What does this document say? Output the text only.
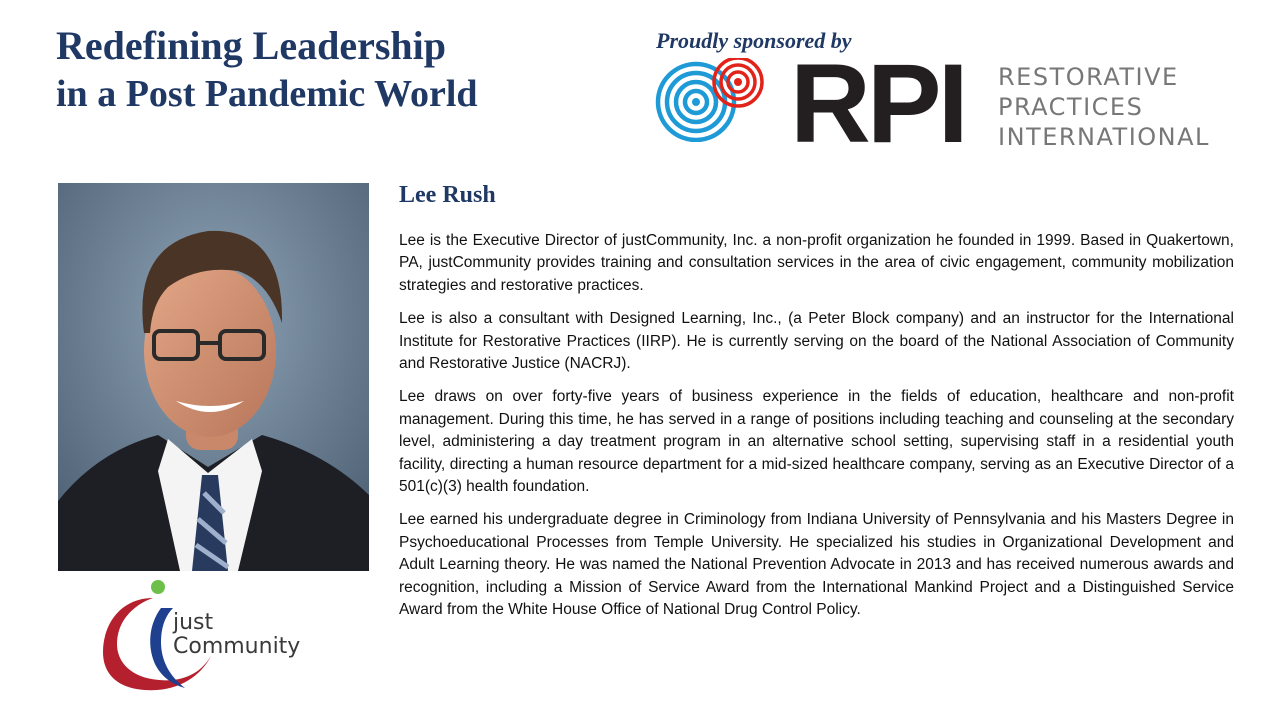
Redefining Leadership
in a Post Pandemic World
Proudly sponsored by
RPI RESTORATIVE
PRACTICES
INTERNATIONAL
just
Community
Lee Rush

Lee is the Executive Director of justCommunity, Inc. a non-profit organization he founded in 1999. Based in Quakertown, PA, justCommunity provides training and consultation services in the area of civic engagement, community mobilization strategies and restorative practices.

Lee is also a consultant with Designed Learning, Inc., (a Peter Block company) and an instructor for the International Institute for Restorative Practices (IIRP). He is currently serving on the board of the National Association of Community and Restorative Justice (NACRJ).

Lee draws on over forty-five years of business experience in the fields of education, healthcare and non-profit management. During this time, he has served in a range of positions including teaching and counseling at the secondary level, administering a day treatment program in an alternative school setting, supervising staff in a residential youth facility, directing a human resource department for a mid-sized healthcare company, serving as an Executive Director of a 501(c)(3) health foundation.

Lee earned his undergraduate degree in Criminology from Indiana University of Pennsylvania and his Masters Degree in Psychoeducational Processes from Temple University. He specialized his studies in Organizational Development and Adult Learning theory. He was named the National Prevention Advocate in 2013 and has received numerous awards and recognition, including a Mission of Service Award from the International Mankind Project and a Distinguished Service Award from the White House Office of National Drug Control Policy.
